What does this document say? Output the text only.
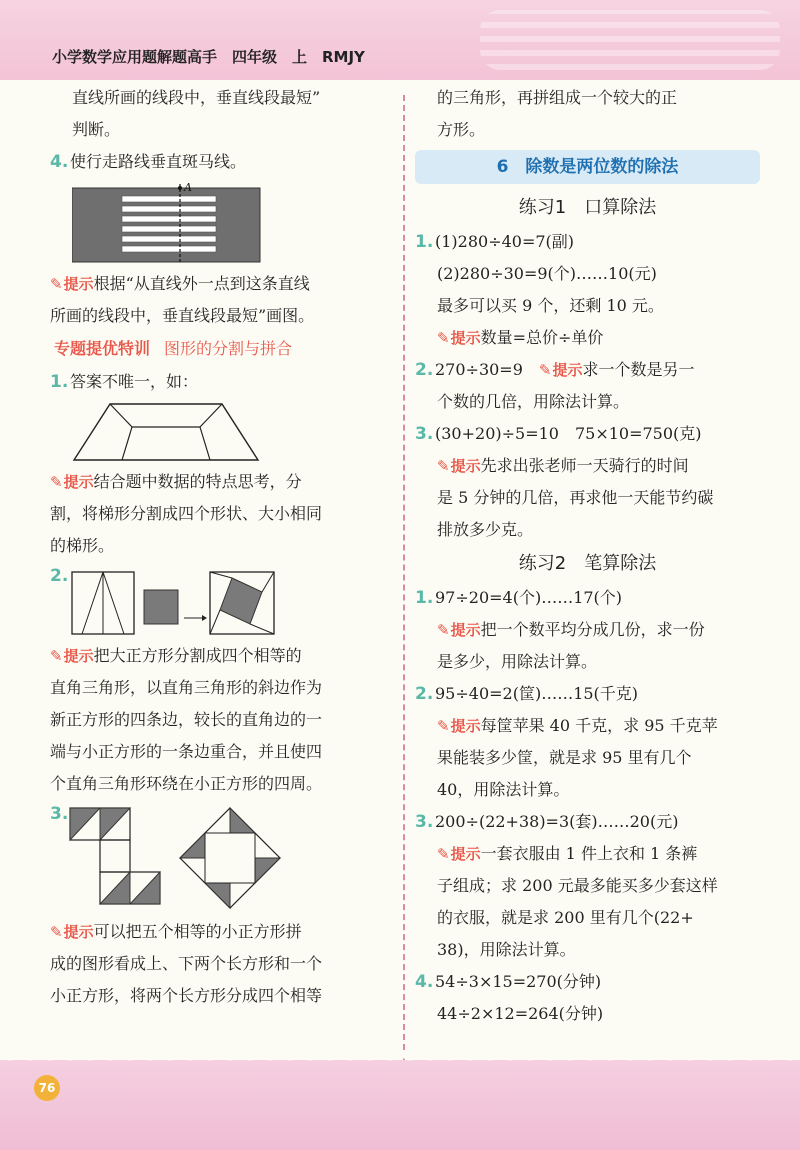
小学数学应用题解题高手　四年级　上　RMJY
直线所画的线段中，垂直线段最短”
判断。
4. 使行走路线垂直斑马线。
A
✎ 提示根据“从直线外一点到这条直线
所画的线段中，垂直线段最短”画图。
专题提优特训 图形的分割与拼合
1. 答案不唯一，如：
✎ 提示结合题中数据的特点思考，分
割，将梯形分割成四个形状、大小相同
的梯形。
2.
✎ 提示把大正方形分割成四个相等的
直角三角形，以直角三角形的斜边作为
新正方形的四条边，较长的直角边的一
端与小正方形的一条边重合，并且使四
个直角三角形环绕在小正方形的四周。
3.
✎ 提示可以把五个相等的小正方形拼
成的图形看成上、下两个长方形和一个
小正方形，将两个长方形分成四个相等
的三角形，再拼组成一个较大的正
方形。
6　除数是两位数的除法
练习1　口算除法
1. (1)280÷40=7(副)
(2)280÷30=9(个)……10(元)
最多可以买 9 个，还剩 10 元。
✎ 提示数量=总价÷单价
2. 270÷30=9 ✎ 提示求一个数是另一
个数的几倍，用除法计算。
3. (30+20)÷5=10　75×10=750(克)
✎ 提示先求出张老师一天骑行的时间
是 5 分钟的几倍，再求他一天能节约碳
排放多少克。
练习2　笔算除法
1. 97÷20=4(个)……17(个)
✎ 提示把一个数平均分成几份，求一份
是多少，用除法计算。
2. 95÷40=2(筐)……15(千克)
✎ 提示每筐苹果 40 千克，求 95 千克苹
果能装多少筐，就是求 95 里有几个
40，用除法计算。
3. 200÷(22+38)=3(套)……20(元)
✎ 提示一套衣服由 1 件上衣和 1 条裤
子组成；求 200 元最多能买多少套这样
的衣服，就是求 200 里有几个(22+
38)，用除法计算。
4. 54÷3×15=270(分钟)
44÷2×12=264(分钟)
76
